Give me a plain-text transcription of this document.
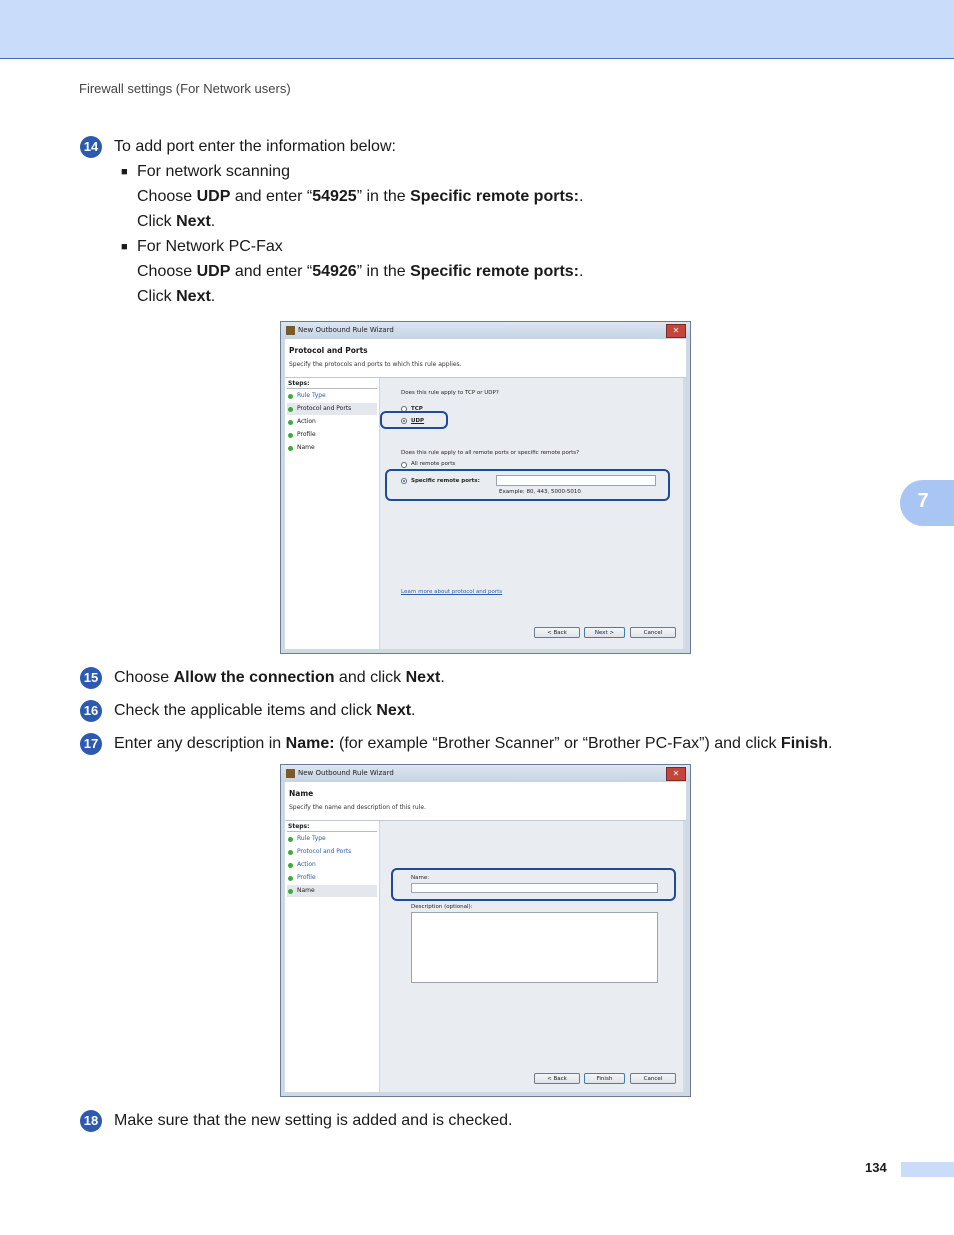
Firewall settings (For Network users)
7
14 To add port enter the information below:
■ For network scanning
Choose UDP and enter “54925” in the Specific remote ports:.
Click Next.
■ For Network PC-Fax
Choose UDP and enter “54926” in the Specific remote ports:.
Click Next.
New Outbound Rule Wizard	✕
Protocol and Ports
Specify the protocols and ports to which this rule applies.
Steps:
Rule Type
Protocol and Ports
Action
Profile
Name
Does this rule apply to TCP or UDP?
TCP
UDP
Does this rule apply to all remote ports or specific remote ports?
All remote ports
Specific remote ports:
Example: 80, 443, 5000-5010
Learn more about protocol and ports
< Back	Next >	Cancel
15 Choose Allow the connection and click Next.
16 Check the applicable items and click Next.
17 Enter any description in Name: (for example “Brother Scanner” or “Brother PC-Fax”) and click Finish.
New Outbound Rule Wizard	✕
Name
Specify the name and description of this rule.
Steps:
Rule Type
Protocol and Ports
Action
Profile
Name
Name:
Description (optional):
< Back	Finish	Cancel
18 Make sure that the new setting is added and is checked.
134
